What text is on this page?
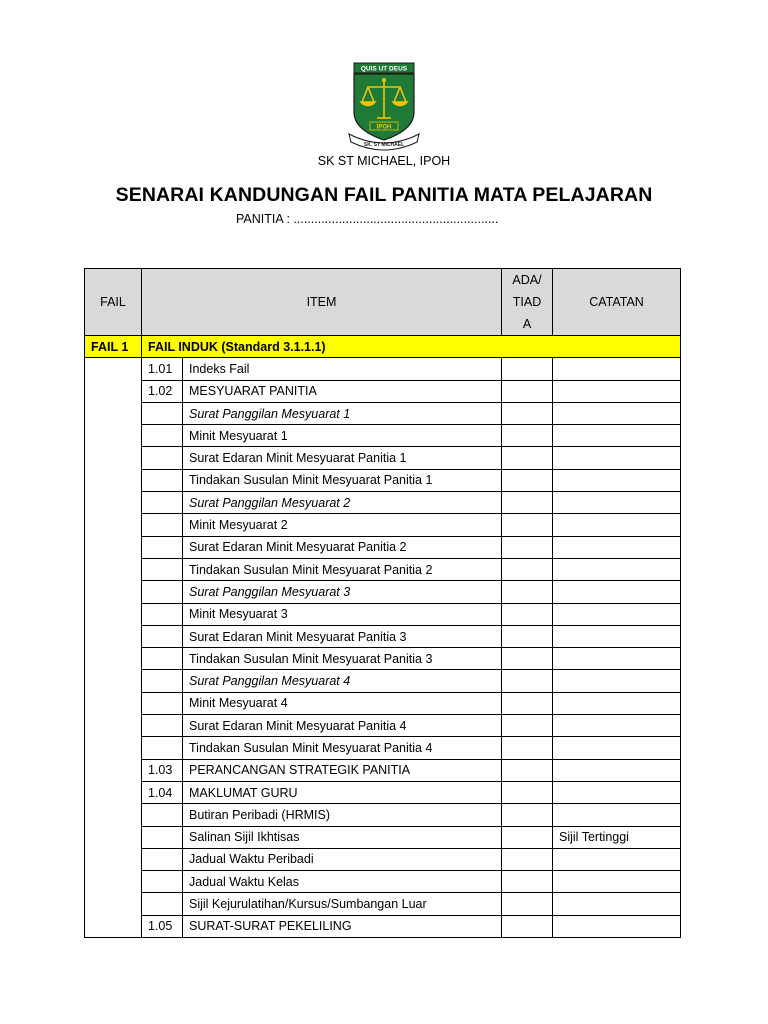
QUIS UT DEUS
IPOH
SK. ST MICHAEL
SK ST MICHAEL, IPOH
SENARAI KANDUNGAN FAIL PANITIA MATA PELAJARAN
PANITIA : ...........................................................
FAIL	ITEM		ADA/
TIAD
A	CATATAN
FAIL 1	FAIL INDUK (Standard 3.1.1.1)			
	1.01	Indeks Fail		
	1.02	MESYUARAT PANITIA		
		Surat Panggilan Mesyuarat 1		
		Minit Mesyuarat 1		
		Surat Edaran Minit Mesyuarat Panitia 1		
		Tindakan Susulan Minit Mesyuarat Panitia 1		
		Surat Panggilan Mesyuarat 2		
		Minit Mesyuarat 2		
		Surat Edaran Minit Mesyuarat Panitia 2		
		Tindakan Susulan Minit Mesyuarat Panitia 2		
		Surat Panggilan Mesyuarat 3		
		Minit Mesyuarat 3		
		Surat Edaran Minit Mesyuarat Panitia 3		
		Tindakan Susulan Minit Mesyuarat Panitia 3		
		Surat Panggilan Mesyuarat 4		
		Minit Mesyuarat 4		
		Surat Edaran Minit Mesyuarat Panitia 4		
		Tindakan Susulan Minit Mesyuarat Panitia 4		
	1.03	PERANCANGAN STRATEGIK PANITIA		
	1.04	MAKLUMAT GURU		
		Butiran Peribadi (HRMIS)		
		Salinan Sijil Ikhtisas		Sijil Tertinggi
		Jadual Waktu Peribadi		
		Jadual Waktu Kelas		
		Sijil Kejurulatihan/Kursus/Sumbangan Luar		
	1.05	SURAT-SURAT PEKELILING		
